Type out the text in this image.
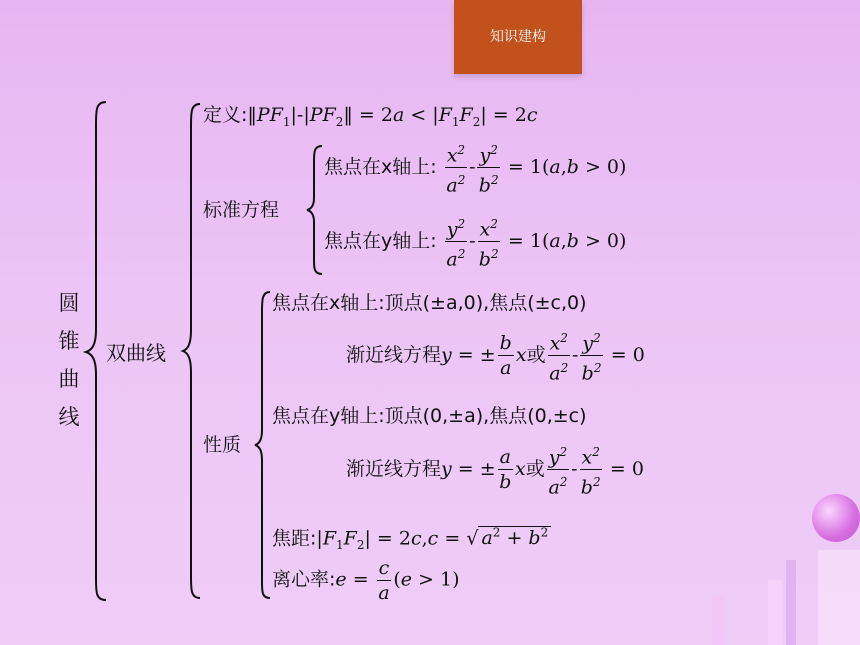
知识建构
圆锥曲线
双曲线
定义$:‖PF_1|-|PF_2‖ = 2a < |F_1F_2| = 2c$
标准方程
焦点在x轴上: $\frac{x^2}{a^2} - \frac{y^2}{b^2} = 1(a,b > 0)$
焦点在y轴上: $\frac{y^2}{a^2} - \frac{x^2}{b^2} = 1(a,b > 0)$
性质
焦点在x轴上:顶点(±a,0),焦点(±c,0)
渐近线方程y = ± $\frac{b}{a}$ x或 $\frac{x^2}{a^2} - \frac{y^2}{b^2} = 0$
焦点在y轴上:顶点(0,±a),焦点(0,±c)
渐近线方程y = ± $\frac{a}{b}$ x或 $\frac{y^2}{a^2} - \frac{x^2}{b^2} = 0$
焦距$:|F_1F_2| = 2c,c$ = √ $a^2 + b^2$
离心率:e = $\frac{c}{a} (e > 1)$
